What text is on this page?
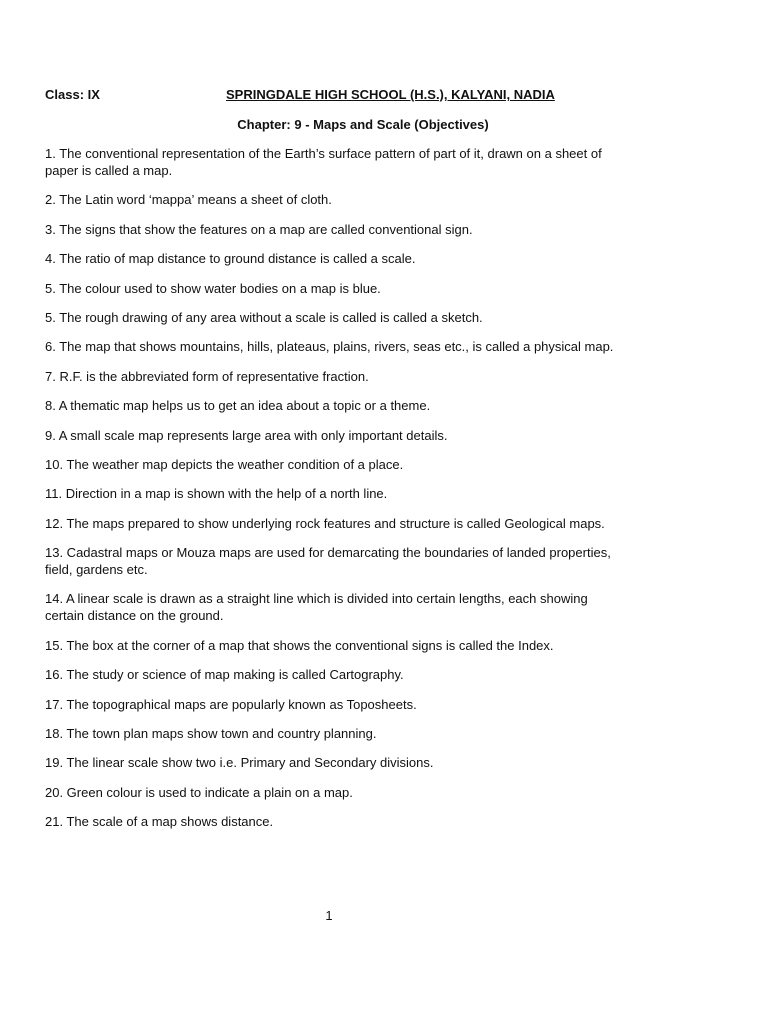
Class: IX	SPRINGDALE HIGH SCHOOL (H.S.), KALYANI, NADIA
Chapter: 9 - Maps and Scale (Objectives)
1. The conventional representation of the Earth’s surface pattern of part of it, drawn on a sheet of paper is called a map.
2. The Latin word ‘mappa’ means a sheet of cloth.
3. The signs that show the features on a map are called conventional sign.
4. The ratio of map distance to ground distance is called a scale.
5. The colour used to show water bodies on a map is blue.
5. The rough drawing of any area without a scale is called is called a sketch.
6. The map that shows mountains, hills, plateaus, plains, rivers, seas etc., is called a physical map.
7. R.F. is the abbreviated form of representative fraction.
8. A thematic map helps us to get an idea about a topic or a theme.
9. A small scale map represents large area with only important details.
10. The weather map depicts the weather condition of a place.
11. Direction in a map is shown with the help of a north line.
12. The maps prepared to show underlying rock features and structure is called Geological maps.
13. Cadastral maps or Mouza maps are used for demarcating the boundaries of landed properties, field, gardens etc.
14. A linear scale is drawn as a straight line which is divided into certain lengths, each showing certain distance on the ground.
15. The box at the corner of a map that shows the conventional signs is called the Index.
16. The study or science of map making is called Cartography.
17. The topographical maps are popularly known as Toposheets.
18. The town plan maps show town and country planning.
19. The linear scale show two i.e. Primary and Secondary divisions.
20. Green colour is used to indicate a plain on a map.
21. The scale of a map shows distance.
1
